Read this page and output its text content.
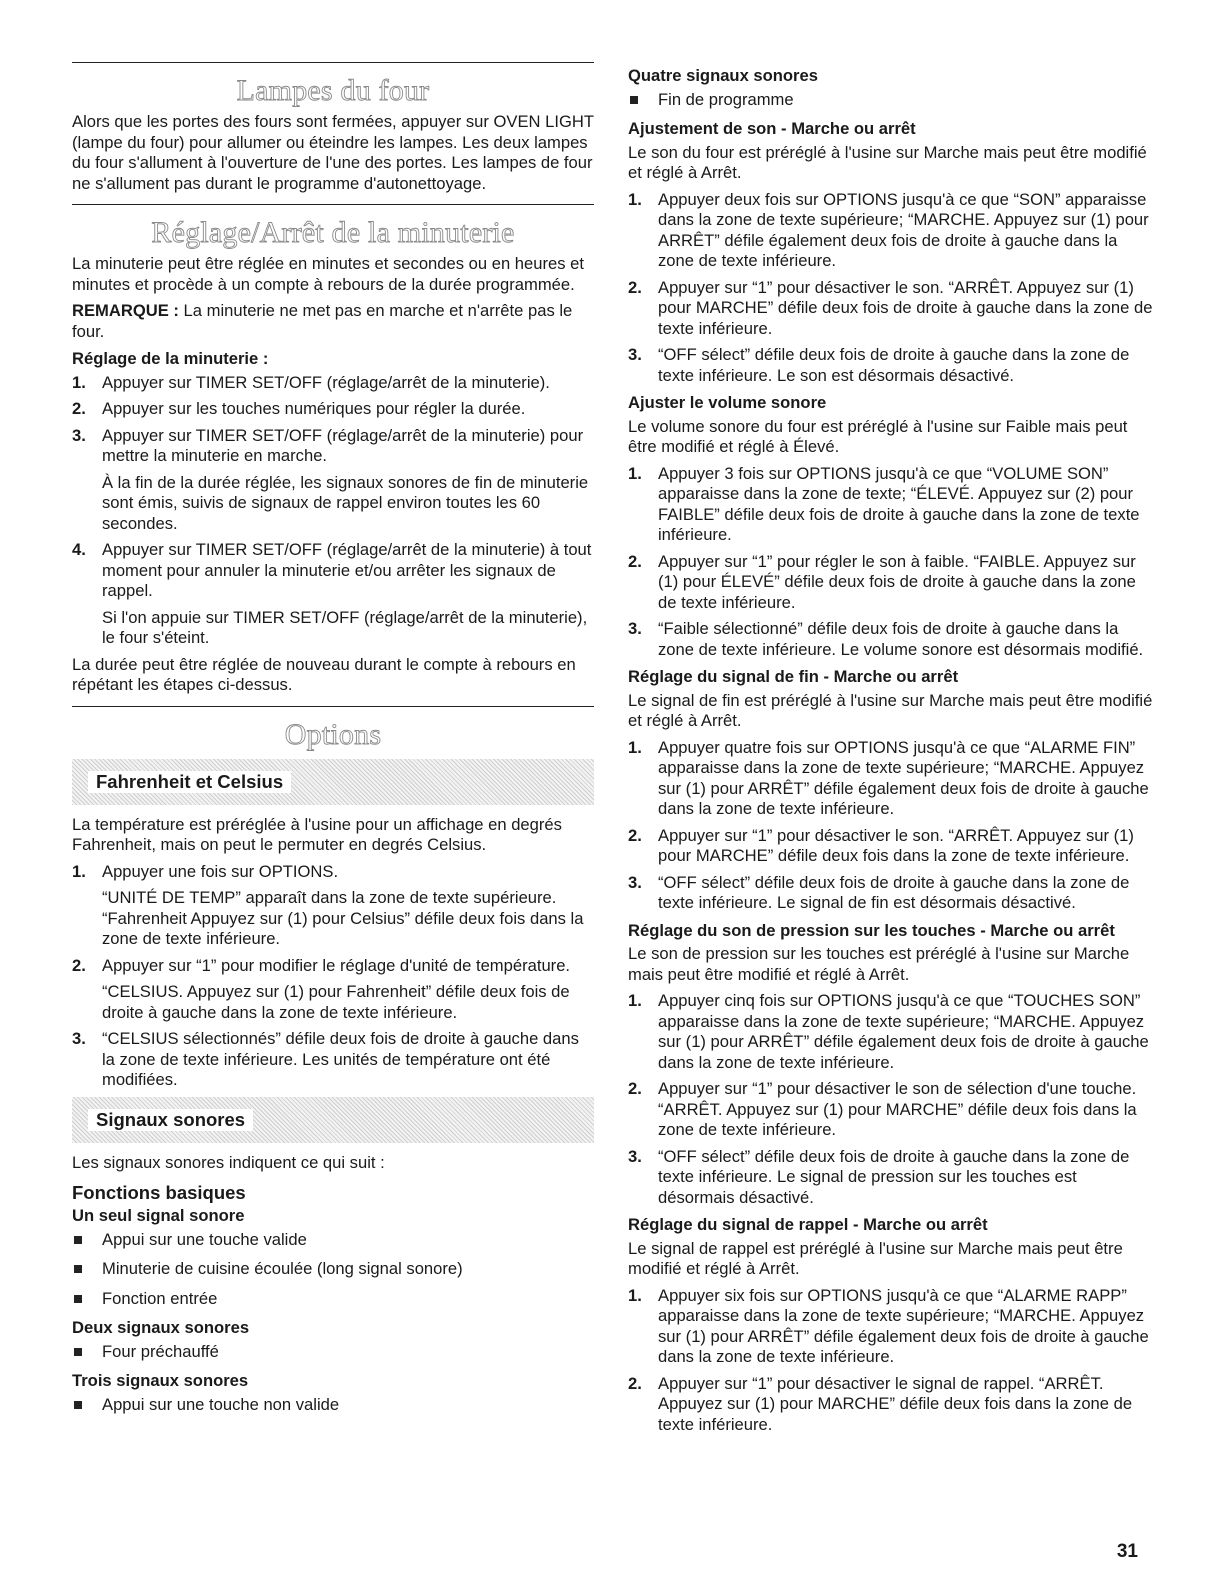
Lampes du four

Alors que les portes des fours sont fermées, appuyer sur OVEN LIGHT (lampe du four) pour allumer ou éteindre les lampes. Les deux lampes du four s'allument à l'ouverture de l'une des portes. Les lampes de four ne s'allument pas durant le programme d'autonettoyage.

Réglage/Arrêt de la minuterie

La minuterie peut être réglée en minutes et secondes ou en heures et minutes et procède à un compte à rebours de la durée programmée.

REMARQUE : La minuterie ne met pas en marche et n'arrête pas le four.

Réglage de la minuterie :
1. Appuyer sur TIMER SET/OFF (réglage/arrêt de la minuterie).
2. Appuyer sur les touches numériques pour régler la durée.
3. Appuyer sur TIMER SET/OFF (réglage/arrêt de la minuterie) pour mettre la minuterie en marche.
À la fin de la durée réglée, les signaux sonores de fin de minuterie sont émis, suivis de signaux de rappel environ toutes les 60 secondes.
4. Appuyer sur TIMER SET/OFF (réglage/arrêt de la minuterie) à tout moment pour annuler la minuterie et/ou arrêter les signaux de rappel.
Si l'on appuie sur TIMER SET/OFF (réglage/arrêt de la minuterie), le four s'éteint.

La durée peut être réglée de nouveau durant le compte à rebours en répétant les étapes ci-dessus.

Options
Fahrenheit et Celsius

La température est préréglée à l'usine pour un affichage en degrés Fahrenheit, mais on peut le permuter en degrés Celsius.

1. Appuyer une fois sur OPTIONS.
“UNITÉ DE TEMP” apparaît dans la zone de texte supérieure. “Fahrenheit Appuyez sur (1) pour Celsius” défile deux fois dans la zone de texte inférieure.
2. Appuyer sur “1” pour modifier le réglage d'unité de température.
“CELSIUS. Appuyez sur (1) pour Fahrenheit” défile deux fois de droite à gauche dans la zone de texte inférieure.
3. “CELSIUS sélectionnés” défile deux fois de droite à gauche dans la zone de texte inférieure. Les unités de température ont été modifiées.
Signaux sonores

Les signaux sonores indiquent ce qui suit :

Fonctions basiques
Un seul signal sonore
Appui sur une touche valide
Minuterie de cuisine écoulée (long signal sonore)
Fonction entrée
Deux signaux sonores
Four préchauffé
Trois signaux sonores
Appui sur une touche non valide
Quatre signaux sonores
Fin de programme
Ajustement de son - Marche ou arrêt

Le son du four est préréglé à l'usine sur Marche mais peut être modifié et réglé à Arrêt.

1. Appuyer deux fois sur OPTIONS jusqu'à ce que “SON” apparaisse dans la zone de texte supérieure; “MARCHE. Appuyez sur (1) pour ARRÊT” défile également deux fois de droite à gauche dans la zone de texte inférieure.
2. Appuyer sur “1” pour désactiver le son. “ARRÊT. Appuyez sur (1) pour MARCHE” défile deux fois de droite à gauche dans la zone de texte inférieure.
3. “OFF sélect” défile deux fois de droite à gauche dans la zone de texte inférieure. Le son est désormais désactivé.
Ajuster le volume sonore

Le volume sonore du four est préréglé à l'usine sur Faible mais peut être modifié et réglé à Élevé.

1. Appuyer 3 fois sur OPTIONS jusqu'à ce que “VOLUME SON” apparaisse dans la zone de texte; “ÉLEVÉ. Appuyez sur (2) pour FAIBLE” défile deux fois de droite à gauche dans la zone de texte inférieure.
2. Appuyer sur “1” pour régler le son à faible. “FAIBLE. Appuyez sur (1) pour ÉLEVÉ” défile deux fois de droite à gauche dans la zone de texte inférieure.
3. “Faible sélectionné” défile deux fois de droite à gauche dans la zone de texte inférieure. Le volume sonore est désormais modifié.
Réglage du signal de fin - Marche ou arrêt

Le signal de fin est préréglé à l'usine sur Marche mais peut être modifié et réglé à Arrêt.

1. Appuyer quatre fois sur OPTIONS jusqu'à ce que “ALARME FIN” apparaisse dans la zone de texte supérieure; “MARCHE. Appuyez sur (1) pour ARRÊT” défile également deux fois de droite à gauche dans la zone de texte inférieure.
2. Appuyer sur “1” pour désactiver le son. “ARRÊT. Appuyez sur (1) pour MARCHE” défile deux fois dans la zone de texte inférieure.
3. “OFF sélect” défile deux fois de droite à gauche dans la zone de texte inférieure. Le signal de fin est désormais désactivé.
Réglage du son de pression sur les touches - Marche ou arrêt

Le son de pression sur les touches est préréglé à l'usine sur Marche mais peut être modifié et réglé à Arrêt.

1. Appuyer cinq fois sur OPTIONS jusqu'à ce que “TOUCHES SON” apparaisse dans la zone de texte supérieure; “MARCHE. Appuyez sur (1) pour ARRÊT” défile également deux fois de droite à gauche dans la zone de texte inférieure.
2. Appuyer sur “1” pour désactiver le son de sélection d'une touche. “ARRÊT. Appuyez sur (1) pour MARCHE” défile deux fois dans la zone de texte inférieure.
3. “OFF sélect” défile deux fois de droite à gauche dans la zone de texte inférieure. Le signal de pression sur les touches est désormais désactivé.
Réglage du signal de rappel - Marche ou arrêt

Le signal de rappel est préréglé à l'usine sur Marche mais peut être modifié et réglé à Arrêt.

1. Appuyer six fois sur OPTIONS jusqu'à ce que “ALARME RAPP” apparaisse dans la zone de texte supérieure; “MARCHE. Appuyez sur (1) pour ARRÊT” défile également deux fois de droite à gauche dans la zone de texte inférieure.
2. Appuyer sur “1” pour désactiver le signal de rappel. “ARRÊT. Appuyez sur (1) pour MARCHE” défile deux fois dans la zone de texte inférieure.
31
